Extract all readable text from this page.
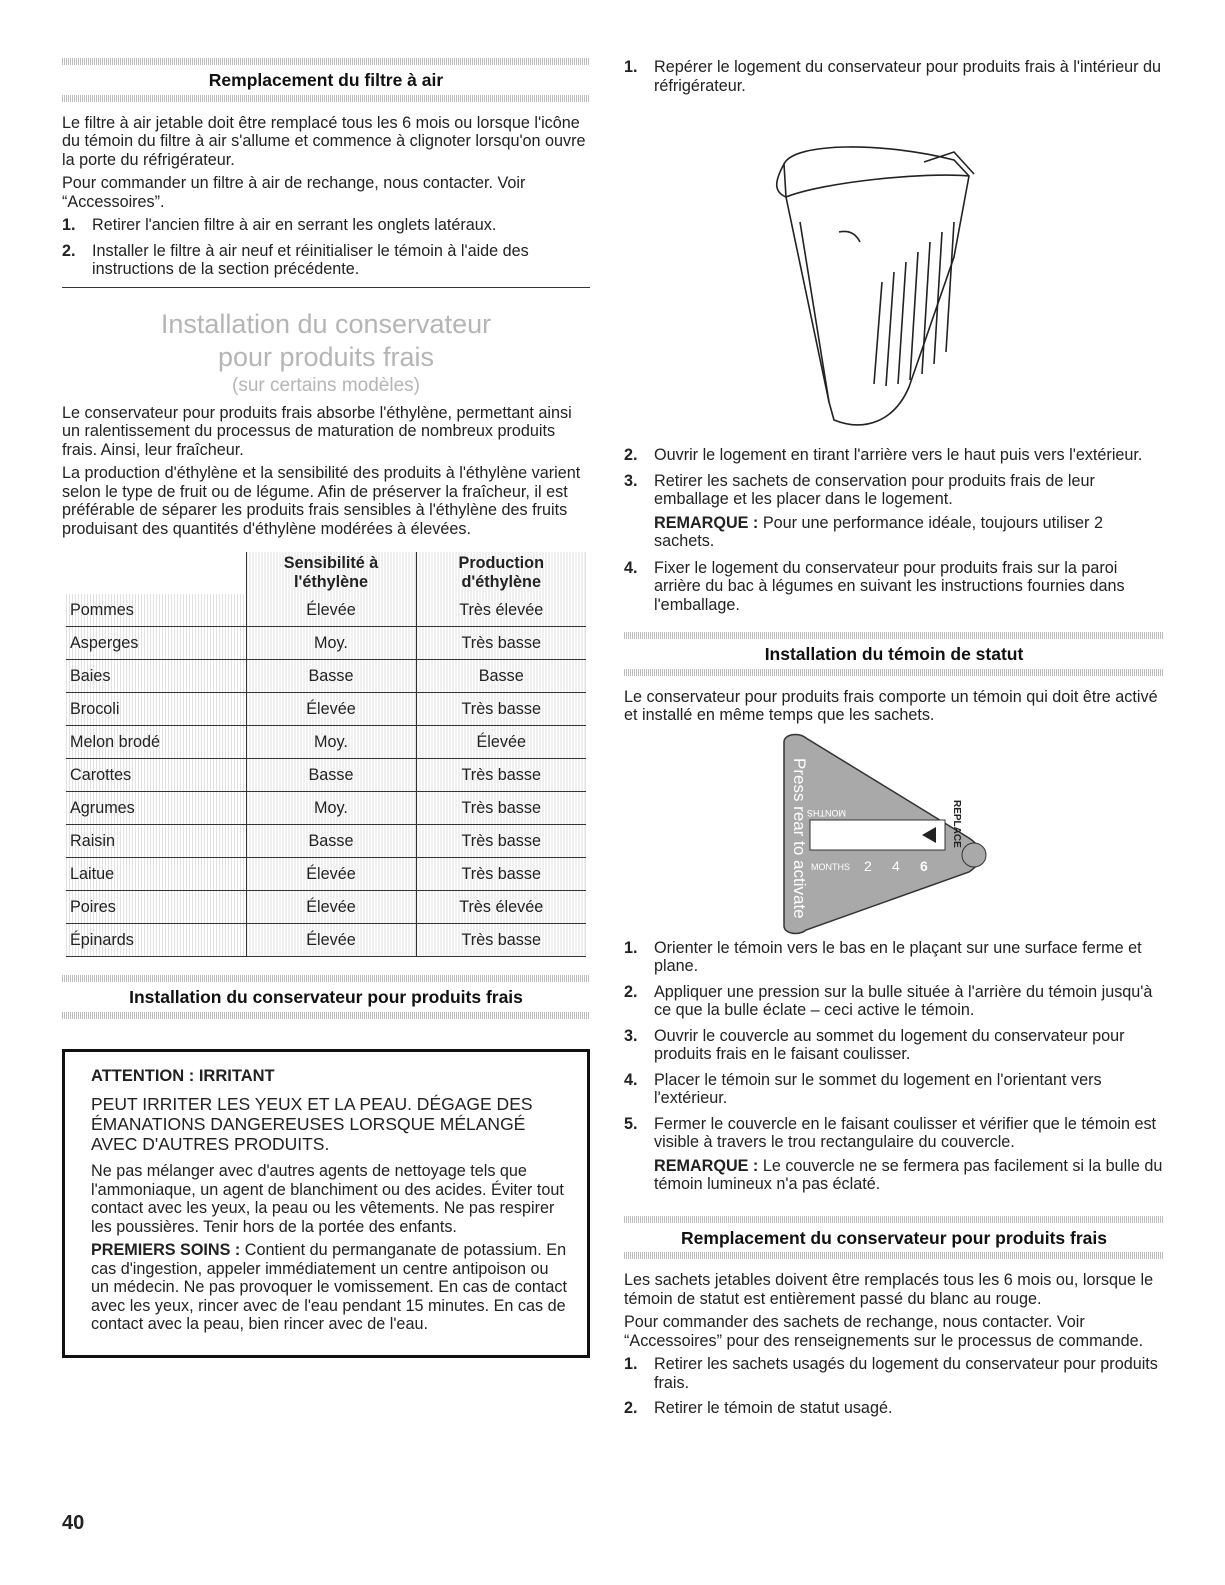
Remplacement du filtre à air

Le filtre à air jetable doit être remplacé tous les 6 mois ou lorsque l'icône du témoin du filtre à air s'allume et commence à clignoter lorsqu'on ouvre la porte du réfrigérateur.

Pour commander un filtre à air de rechange, nous contacter. Voir “Accessoires”.

1. Retirer l'ancien filtre à air en serrant les onglets latéraux.
2. Installer le filtre à air neuf et réinitialiser le témoin à l'aide des instructions de la section précédente.
Installation du conservateur
pour produits frais
(sur certains modèles)

Le conservateur pour produits frais absorbe l'éthylène, permettant ainsi un ralentissement du processus de maturation de nombreux produits frais. Ainsi, leur fraîcheur.

La production d'éthylène et la sensibilité des produits à l'éthylène varient selon le type de fruit ou de légume. Afin de préserver la fraîcheur, il est préférable de séparer les produits frais sensibles à l'éthylène des fruits produisant des quantités d'éthylène modérées à élevées.

	Sensibilité à l'éthylène	Production d'éthylène
Pommes	Élevée	Très élevée
Asperges	Moy.	Très basse
Baies	Basse	Basse
Brocoli	Élevée	Très basse
Melon brodé	Moy.	Élevée
Carottes	Basse	Très basse
Agrumes	Moy.	Très basse
Raisin	Basse	Très basse
Laitue	Élevée	Très basse
Poires	Élevée	Très élevée
Épinards	Élevée	Très basse
Installation du conservateur pour produits frais
ATTENTION : IRRITANT
PEUT IRRITER LES YEUX ET LA PEAU. DÉGAGE DES ÉMANATIONS DANGEREUSES LORSQUE MÉLANGÉ AVEC D'AUTRES PRODUITS.

Ne pas mélanger avec d'autres agents de nettoyage tels que l'ammoniaque, un agent de blanchiment ou des acides. Éviter tout contact avec les yeux, la peau ou les vêtements. Ne pas respirer les poussières. Tenir hors de la portée des enfants.

PREMIERS SOINS : Contient du permanganate de potassium. En cas d'ingestion, appeler immédiatement un centre antipoison ou un médecin. Ne pas provoquer le vomissement. En cas de contact avec les yeux, rincer avec de l'eau pendant 15 minutes. En cas de contact avec la peau, bien rincer avec de l'eau.

1. Repérer le logement du conservateur pour produits frais à l'intérieur du réfrigérateur.
2. Ouvrir le logement en tirant l'arrière vers le haut puis vers l'extérieur.
3. Retirer les sachets de conservation pour produits frais de leur emballage et les placer dans le logement.

REMARQUE : Pour une performance idéale, toujours utiliser 2 sachets.

4. Fixer le logement du conservateur pour produits frais sur la paroi arrière du bac à légumes en suivant les instructions fournies dans l'emballage.
Installation du témoin de statut

Le conservateur pour produits frais comporte un témoin qui doit être activé et installé en même temps que les sachets.

Press rear to activate	REPLACE
MONTHS
MONTHS 2 4 6
1. Orienter le témoin vers le bas en le plaçant sur une surface ferme et plane.
2. Appliquer une pression sur la bulle située à l'arrière du témoin jusqu'à ce que la bulle éclate – ceci active le témoin.
3. Ouvrir le couvercle au sommet du logement du conservateur pour produits frais en le faisant coulisser.
4. Placer le témoin sur le sommet du logement en l'orientant vers l'extérieur.
5. Fermer le couvercle en le faisant coulisser et vérifier que le témoin est visible à travers le trou rectangulaire du couvercle.

REMARQUE : Le couvercle ne se fermera pas facilement si la bulle du témoin lumineux n'a pas éclaté.

Remplacement du conservateur pour produits frais

Les sachets jetables doivent être remplacés tous les 6 mois ou, lorsque le témoin de statut est entièrement passé du blanc au rouge.

Pour commander des sachets de rechange, nous contacter. Voir “Accessoires” pour des renseignements sur le processus de commande.

1. Retirer les sachets usagés du logement du conservateur pour produits frais.
2. Retirer le témoin de statut usagé.
40
